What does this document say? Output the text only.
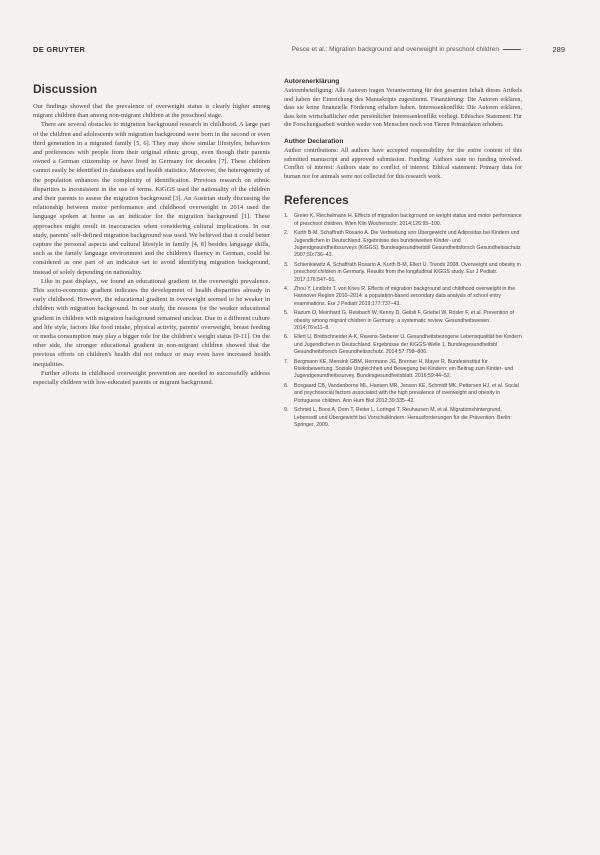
DE GRUYTER	Pesce et al.: Migration background and overweight in preschool children	289
Discussion

Our findings showed that the prevalence of overweight status is clearly higher among migrant children than among non-migrant children at the preschool stage.

There are several obstacles to migration background research in childhood. A large part of the children and adolescents with migration background were born in the second or even third generation in a migrated family [5, 6]. They may show similar lifestyles, behaviors and preferences with people from their original ethnic group, even though their parents owned a German citizenship or have lived in Germany for decades [7]. These children cannot easily be identified in databases and health statistics. Moreover, the heterogeneity of the population enhances the complexity of identification. Previous research on ethnic disparities is inconsistent in the use of terms. KiGGS used the nationality of the children and their parents to assess the migration background [3]. An Austrian study discussing the relationship between motor performance and childhood overweight in 2014 used the language spoken at home as an indicator for the migration background [1]. These approaches might result in inaccuracies when considering cultural implications. In our study, parents' self-defined migration background was used. We believed that it could better capture the personal aspects and cultural lifestyle in family [4, 8] besides language skills, such as the family language environment and the children's fluency in German, could be considered as one part of an indicator set to avoid identifying migration background, instead of solely depending on nationality.

Like in past displays, we found an educational gradient in the overweight prevalence. This socio-economic gradient indicates the development of health disparities already in early childhood. However, the educational gradient in overweight seemed to be weaker in children with migration background. In our study, the reasons for the weaker educational gradient in children with migration background remained unclear. Due to a different culture and life style, factors like food intake, physical activity, parents' overweight, breast feeding or media consumption may play a bigger role for the children's weight status [9-11]. On the other side, the stronger educational gradient in non-migrant children showed that the previous efforts on children's health did not reduce or may even have increased health inequalities.

Further efforts in childhood overweight prevention are needed to successfully address especially children with low-educated parents or migrant background.

Autorenerklärung

Autorenbeteiligung: Alle Autoren tragen Verantwortung für den gesamten Inhalt dieses Artikels und haben der Einreichung des Manuskripts zugestimmt. Finanzierung: Die Autoren erklären, dass sie keine finanzielle Förderung erhalten haben. Interessenkonflikt: Die Autoren erklären, dass kein wirtschaftlicher oder persönlicher Interessenkonflikt vorliegt. Ethisches Statement: Für die Forschungsarbeit wurden weder von Menschen noch von Tieren Primärdaten erhoben.

Author Declaration

Author contributions: All authors have accepted responsibility for the entire content of this submitted manuscript and approved submission. Funding: Authors state no funding involved. Conflict of interest: Authors state no conflict of interest. Ethical statement: Primary data for human nor for animals were not collected for this research work.

References
1. Greier K, Riechelmann H. Effects of migration background on weight status and motor performance of preschool children. Wien Klin Wochenschr. 2014;126:95–100.
2. Kurth B-M, Schaffrath Rosario A. Die Verbreitung von Übergewicht und Adipositas bei Kindern und Jugendlichen in Deutschland. Ergebnisse des bundesweiten Kinder- und Jugendgesundheitssurveys (KiGGS). Bundesgesundheitsbl Gesundheitsforsch Gesundheitsschutz 2007;50:736–43.
3. Schienkiewitz A, Schaffrath Rosario A, Kurth B-M, Ellert U. Trends 2008. Overweight and obesity in preschool children in Germany. Results from the longitudinal KiGGS study. Eur J Pediatr. 2017;176:547–51.
4. Zhou Y, Lindlohr T, von Kries R. Effects of migration background and childhood overweight in the Hannover Region 2010–2014: a population-based secondary data analysis of school entry examinations. Eur J Pediatr 2019;177:737–43.
5. Razum O, Meinhard G, Reisbach W, Kenny D, Gelisli F, Griebel W, Rösler F, et al. Prevention of obesity among migrant children in Germany: a systematic review. Gesundheitswesen. 2014;76:e11–8.
6. Ellert U, Brettschneider A-K, Ravens-Sieberer U. Gesundheitsbezogene Lebensqualität bei Kindern und Jugendlichen in Deutschland. Ergebnisse der KiGGS-Welle 1. Bundesgesundheitsbl Gesundheitsforsch Gesundheitsschutz. 2014;57:798–806.
7. Bergmann KE, Mensink GBM, Herrmann JG, Brenner H, Mayer R, Bundesinstitut für Risikobewertung. Soziale Ungleichheit und Bewegung bei Kindern: ein Beitrag zum Kinder- und Jugendgesundheitssurvey. Bundesgesundheitsblatt. 2016;59:44–52.
8. Bosgaard CB, Vandenborne ML, Hansen MR, Jensen KE, Schmidt MK, Pettersen HJ, et al. Social and psychosocial factors associated with the high prevalence of overweight and obesity in Portuguese children. Ann Hum Biol 2012;39:335–42.
9. Schmid L, Boos A, Dorn T, Reiter L, Loringel T, Reuhausen M, et al. Migrationshintergrund, Lebensstil und Übergewicht bei Vorschulkindern: Herausforderungen für die Prävention. Berlin: Springer, 2009.
